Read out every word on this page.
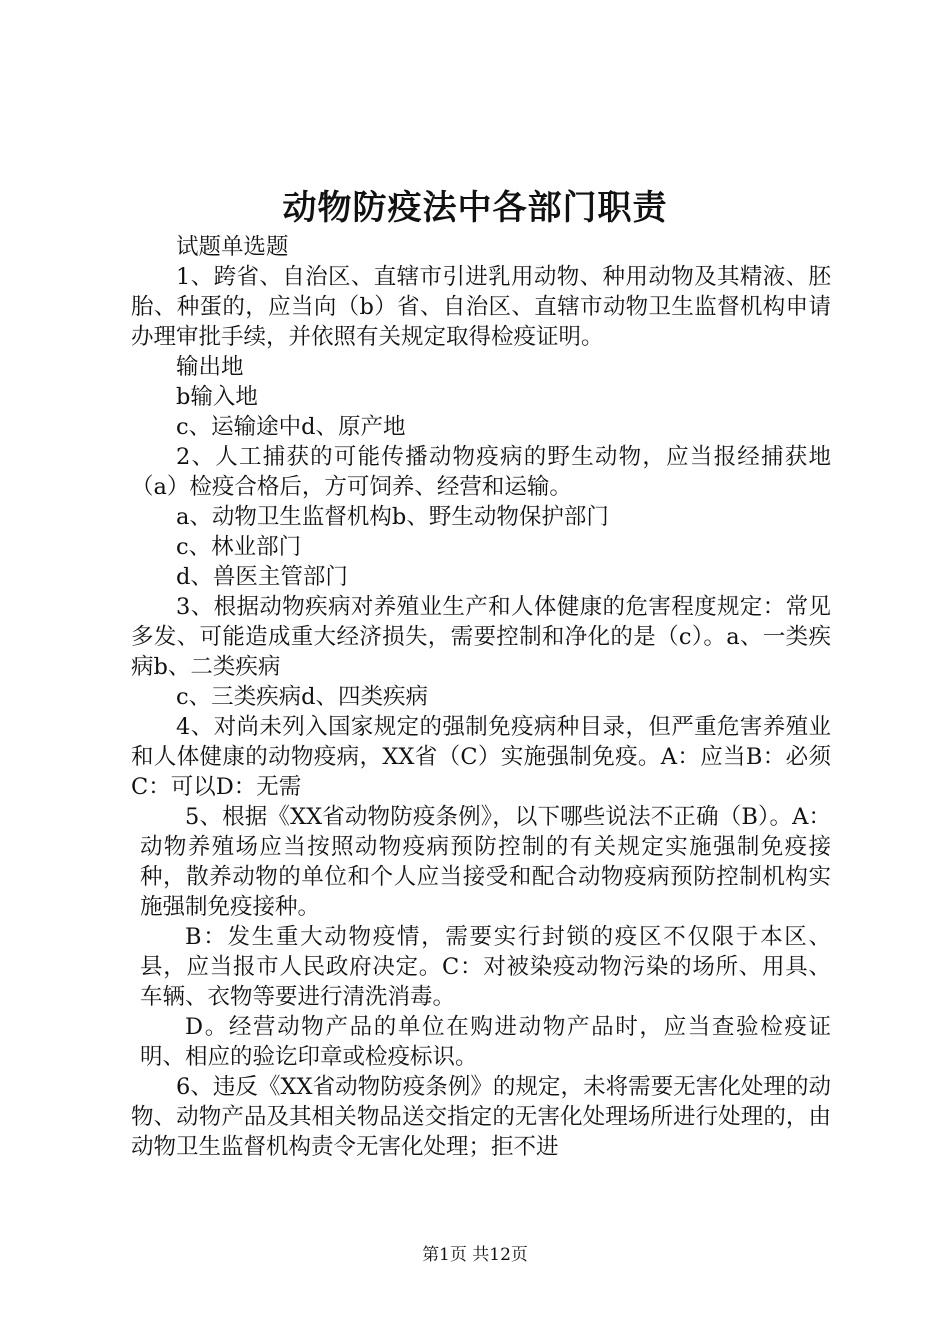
动物防疫法中各部门职责

试题单选题

1、跨省、自治区、直辖市引进乳用动物、种用动物及其精液、胚胎、种蛋的，应当向（b）省、自治区、直辖市动物卫生监督机构申请办理审批手续，并依照有关规定取得检疫证明。

输出地

b输入地

c、运输途中d、原产地

2、人工捕获的可能传播动物疫病的野生动物，应当报经捕获地（a）检疫合格后，方可饲养、经营和运输。

a、动物卫生监督机构b、野生动物保护部门

c、林业部门

d、兽医主管部门

3、根据动物疾病对养殖业生产和人体健康的危害程度规定：常见多发、可能造成重大经济损失，需要控制和净化的是（c）。a、一类疾病b、二类疾病

c、三类疾病d、四类疾病

4、对尚未列入国家规定的强制免疫病种目录，但严重危害养殖业和人体健康的动物疫病，XX省（C）实施强制免疫。A：应当B：必须C：可以D：无需

5、根据《XX省动物防疫条例》，以下哪些说法不正确（B）。A：动物养殖场应当按照动物疫病预防控制的有关规定实施强制免疫接种，散养动物的单位和个人应当接受和配合动物疫病预防控制机构实施强制免疫接种。

B：发生重大动物疫情，需要实行封锁的疫区不仅限于本区、县，应当报市人民政府决定。C：对被染疫动物污染的场所、用具、车辆、衣物等要进行清洗消毒。

D。经营动物产品的单位在购进动物产品时，应当查验检疫证明、相应的验讫印章或检疫标识。

6、违反《XX省动物防疫条例》的规定，未将需要无害化处理的动物、动物产品及其相关物品送交指定的无害化处理场所进行处理的，由动物卫生监督机构责令无害化处理；拒不进

第1页 共12页
